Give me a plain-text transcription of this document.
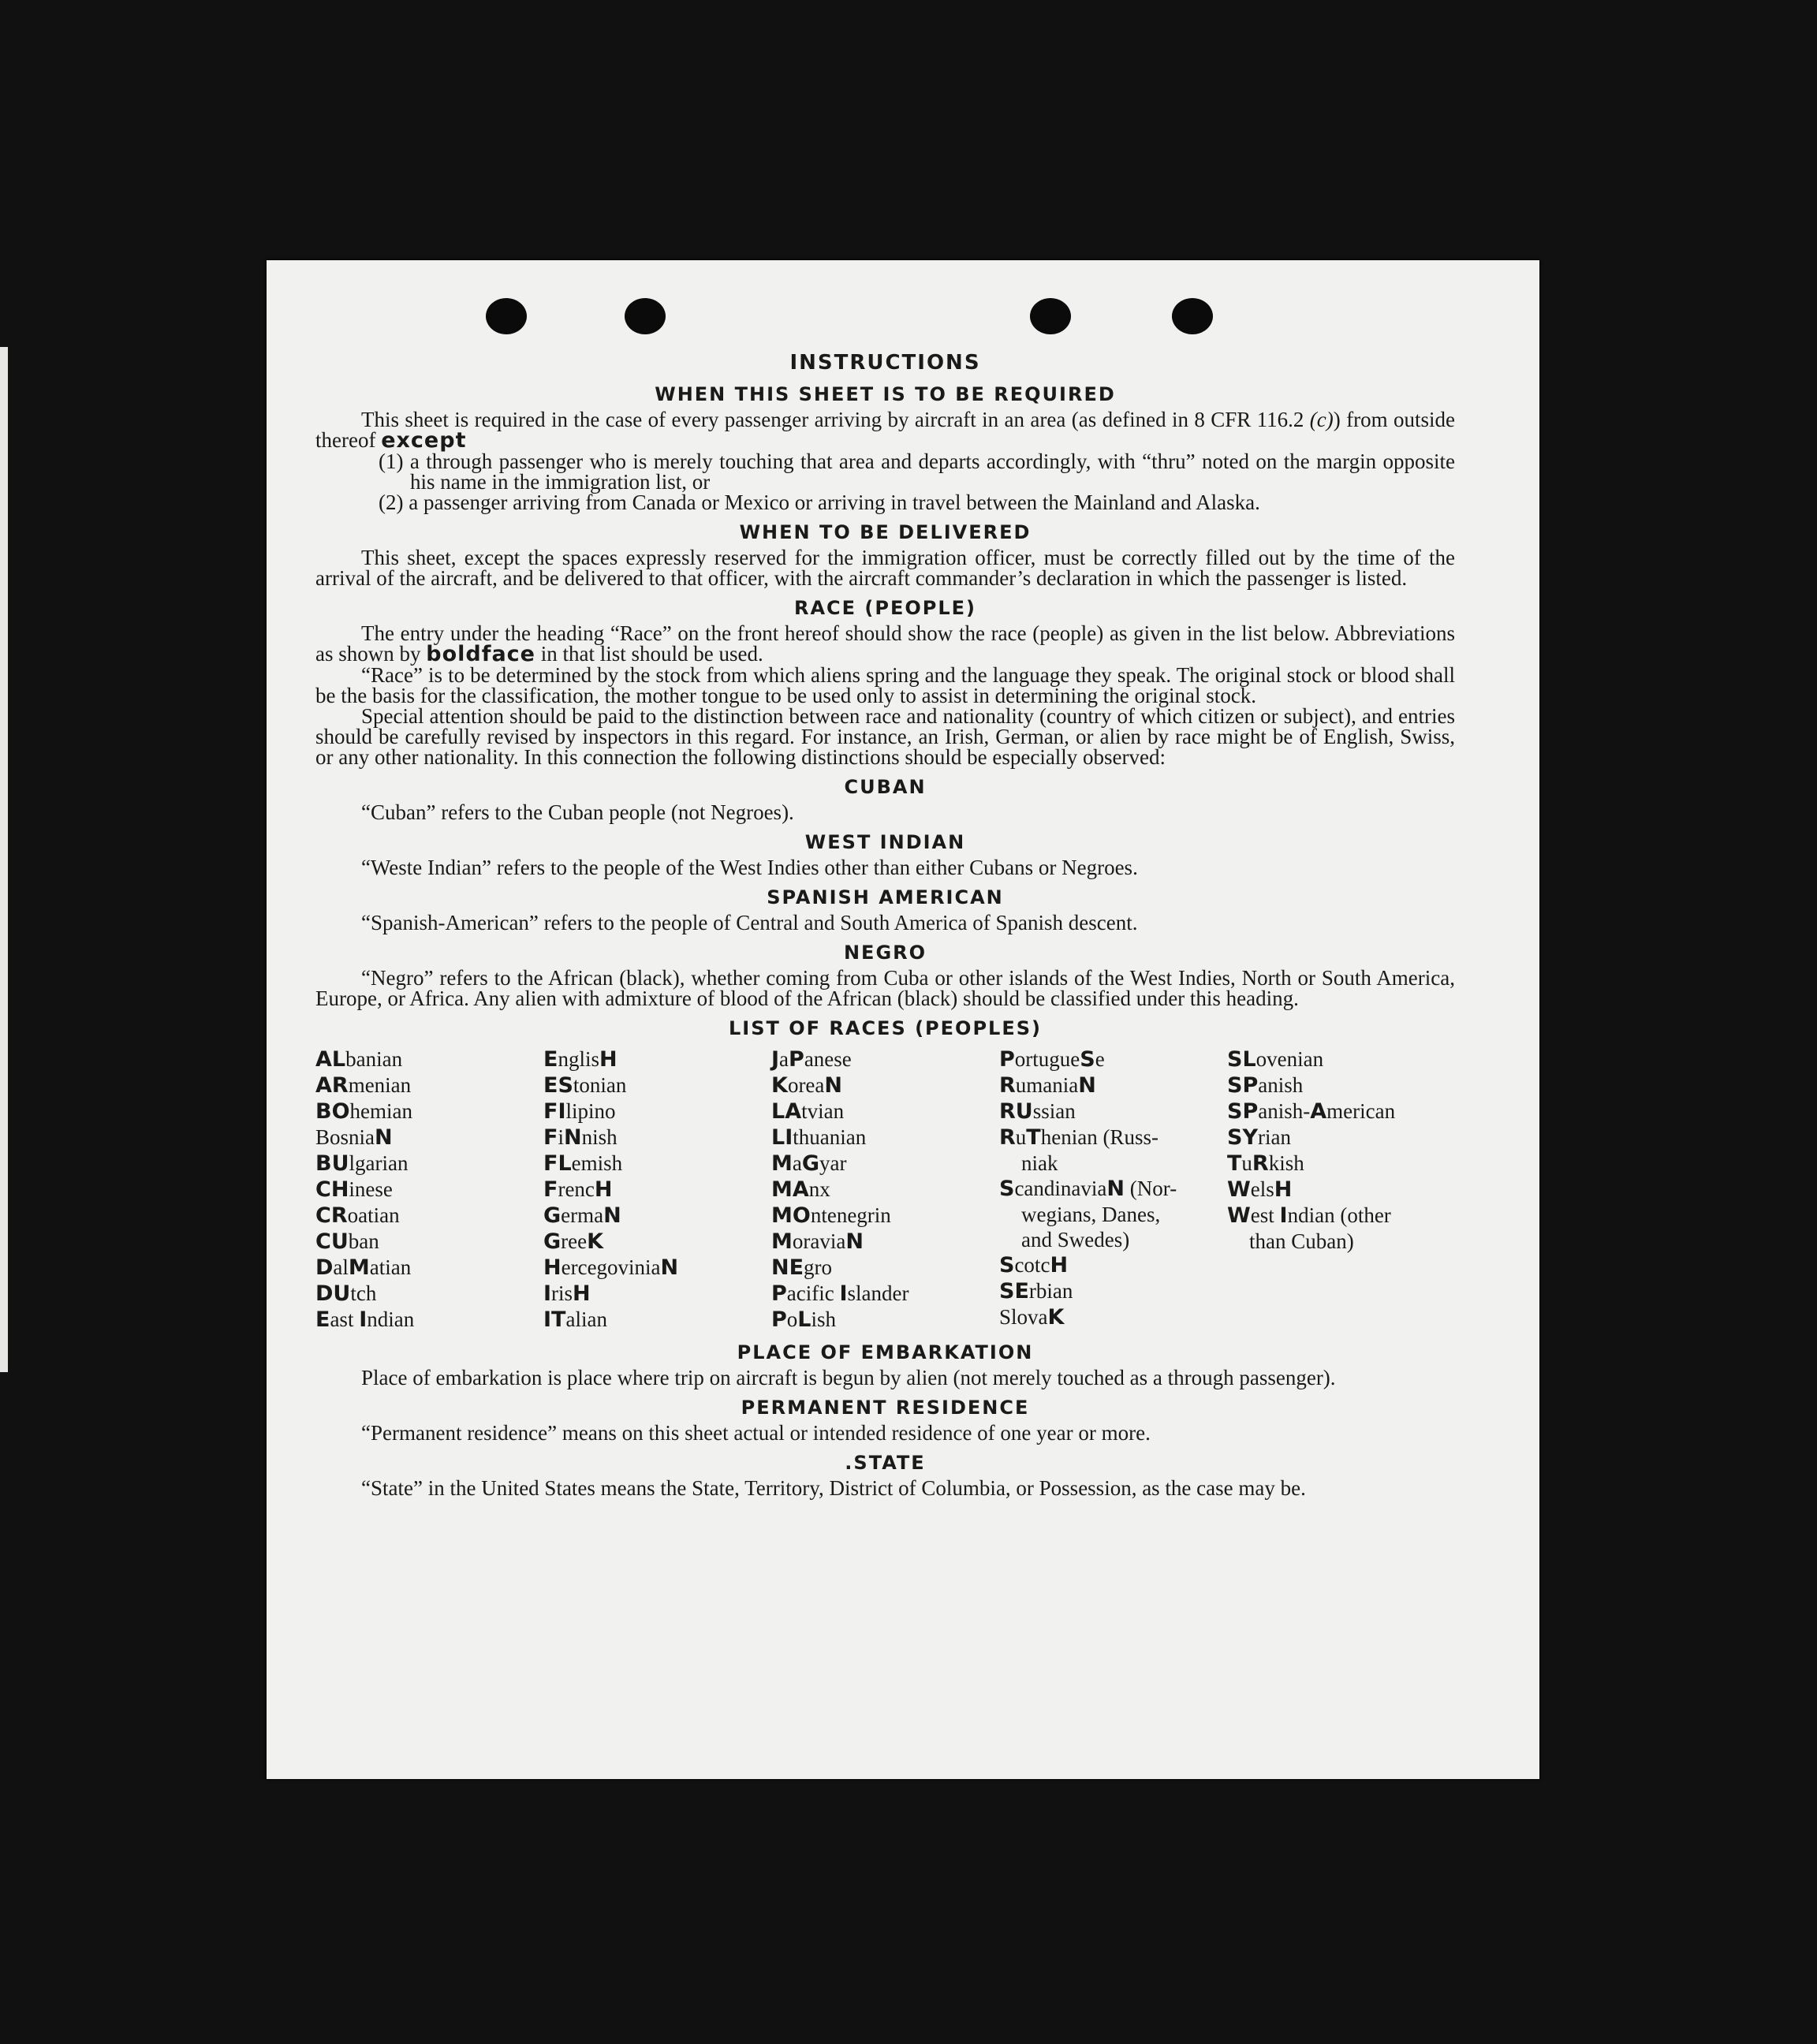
INSTRUCTIONS
WHEN THIS SHEET IS TO BE REQUIRED

This sheet is required in the case of every passenger arriving by aircraft in an area (as defined in 8 CFR 116.2 (c)) from outside thereof except

(1) a through passenger who is merely touching that area and departs accordingly, with “thru” noted on the margin opposite his name in the immigration list, or

(2) a passenger arriving from Canada or Mexico or arriving in travel between the Mainland and Alaska.

WHEN TO BE DELIVERED

This sheet, except the spaces expressly reserved for the immigration officer, must be correctly filled out by the time of the arrival of the aircraft, and be delivered to that officer, with the aircraft commander’s declaration in which the passenger is listed.

RACE (PEOPLE)

The entry under the heading “Race” on the front hereof should show the race (people) as given in the list below. Abbreviations as shown by boldface in that list should be used.

“Race” is to be determined by the stock from which aliens spring and the language they speak. The original stock or blood shall be the basis for the classification, the mother tongue to be used only to assist in determining the original stock.

Special attention should be paid to the distinction between race and nationality (country of which citizen or subject), and entries should be carefully revised by inspectors in this regard. For instance, an Irish, German, or alien by race might be of English, Swiss, or any other nationality. In this connection the following distinctions should be especially observed:

CUBAN

“Cuban” refers to the Cuban people (not Negroes).

WEST INDIAN

“Weste Indian” refers to the people of the West Indies other than either Cubans or Negroes.

SPANISH AMERICAN

“Spanish-American” refers to the people of Central and South America of Spanish descent.

NEGRO

“Negro” refers to the African (black), whether coming from Cuba or other islands of the West Indies, North or South America, Europe, or Africa. Any alien with admixture of blood of the African (black) should be classified under this heading.

LIST OF RACES (PEOPLES)
ALbanian
ARmenian
BOhemian
BosniaN
BUlgarian
CHinese
CRoatian
CUban
DalMatian
DUtch
East Indian
EnglisH
EStonian
FIlipino
FiNnish
FLemish
FrencH
GermaN
GreeK
HercegoviniaN
IrisH
ITalian
JaPanese
KoreaN
LAtvian
LIthuanian
MaGyar
MAnx
MOntenegrin
MoraviaN
NEgro
Pacific Islander
PoLish
PortugueSe
RumaniaN
RUssian
RuThenian (Russ-
niak
ScandinaviaN (Nor-
wegians, Danes,
and Swedes)
ScotcH
SErbian
SlovaK
SLovenian
SPanish
SPanish-American
SYrian
TuRkish
WelsH
West Indian (other
than Cuban)
PLACE OF EMBARKATION

Place of embarkation is place where trip on aircraft is begun by alien (not merely touched as a through passenger).

PERMANENT RESIDENCE

“Permanent residence” means on this sheet actual or intended residence of one year or more.

.STATE

“State” in the United States means the State, Territory, District of Columbia, or Possession, as the case may be.
